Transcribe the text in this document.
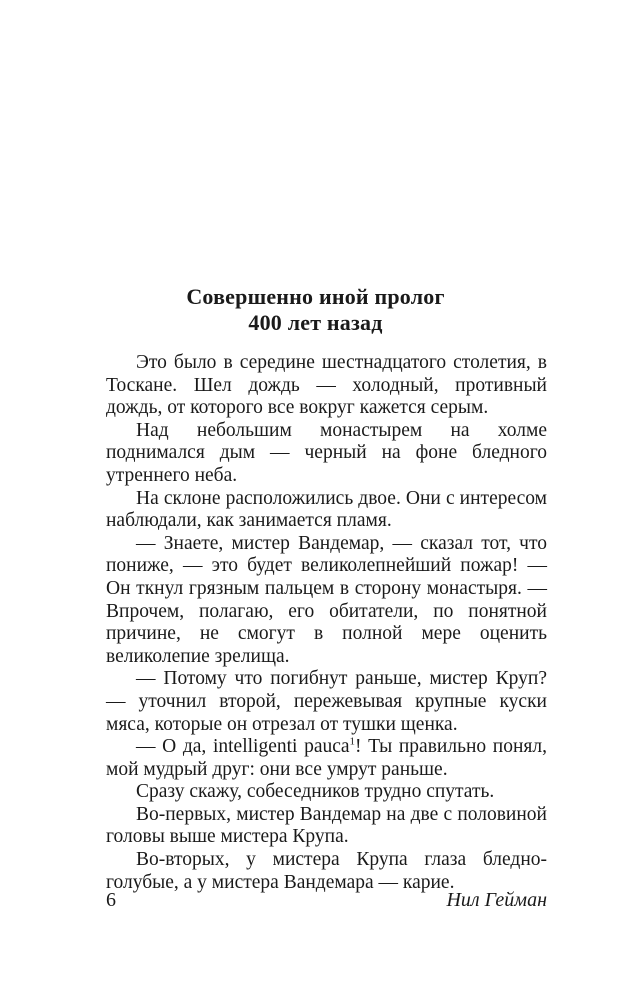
Совершенно иной пролог
400 лет назад

Это было в середине шестнадцатого столетия, в Тоскане. Шел дождь — холодный, противный дождь, от которого все вокруг кажется серым.

Над небольшим монастырем на холме поднимался дым — черный на фоне бледного утреннего неба.

На склоне расположились двое. Они с интересом наблюдали, как занимается пламя.

— Знаете, мистер Вандемар, — сказал тот, что пониже, — это будет великолепнейший пожар! — Он ткнул грязным пальцем в сторону монастыря. — Впрочем, полагаю, его обитатели, по понятной причине, не смогут в полной мере оценить великолепие зрелища.

— Потому что погибнут раньше, мистер Круп? — уточнил второй, пережевывая крупные куски мяса, которые он отрезал от тушки щенка.

— О да, intelligenti pauca$^1$! Ты правильно понял, мой мудрый друг: они все умрут раньше.

Сразу скажу, собеседников трудно спутать.

Во-первых, мистер Вандемар на две с половиной головы выше мистера Крупа.

Во-вторых, у мистера Крупа глаза бледно-голубые, а у мистера Вандемара — карие.

6	Нил Гейман
